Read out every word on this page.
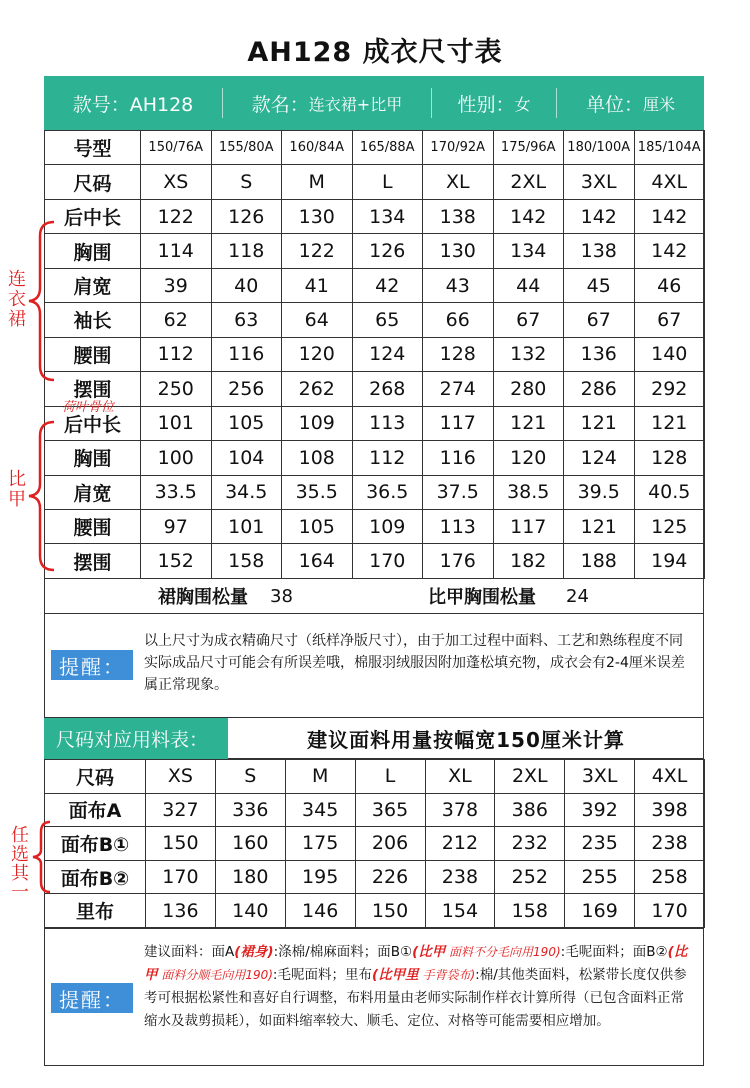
AH128 成衣尺寸表
款号：AH128	款名： 连衣裙+比甲	性别： 女	单位： 厘米
号型	150/76A	155/80A	160/84A	165/88A	170/92A	175/96A	180/100A	185/104A
尺码	XS	S	M	L	XL	2XL	3XL	4XL
后中长	122	126	130	134	138	142	142	142
胸围	114	118	122	126	130	134	138	142
肩宽	39	40	41	42	43	44	45	46
袖长	62	63	64	65	66	67	67	67
腰围	112	116	120	124	128	132	136	140
摆围	250	256	262	268	274	280	286	292
后中长	101	105	109	113	117	121	121	121
胸围	100	104	108	112	116	120	124	128
肩宽	33.5	34.5	35.5	36.5	37.5	38.5	39.5	40.5
腰围	97	101	105	109	113	117	121	125
摆围	152	158	164	170	176	182	188	194
连衣裙
荷叶骨位
比甲
裙胸围松量 38	比甲胸围松量 24
提醒：
以上尺寸为成衣精确尺寸（纸样净版尺寸），由于加工过程中面料、工艺和熟练程度不同实际成品尺寸可能会有所误差哦，棉服羽绒服因附加蓬松填充物，成衣会有2-4厘米误差属正常现象。
尺码对应用料表：	建议面料用量按幅宽150厘米计算
尺码	XS	S	M	L	XL	2XL	3XL	4XL
面布A	327	336	345	365	378	386	392	398
面布B①	150	160	175	206	212	232	235	238
面布B②	170	180	195	226	238	252	255	258
里布	136	140	146	150	154	158	169	170
任选其一
提醒：
建议面料：面A(裙身):涤棉/棉麻面料；面B①(比甲 面料不分毛向用190):毛呢面料；面B②(比甲 面料分顺毛向用190):毛呢面料；里布(比甲里 手背袋布):棉/其他类面料，松紧带长度仅供参考可根据松紧性和喜好自行调整，布料用量由老师实际制作样衣计算所得（已包含面料正常缩水及裁剪损耗），如面料缩率较大、顺毛、定位、对格等可能需要相应增加。
